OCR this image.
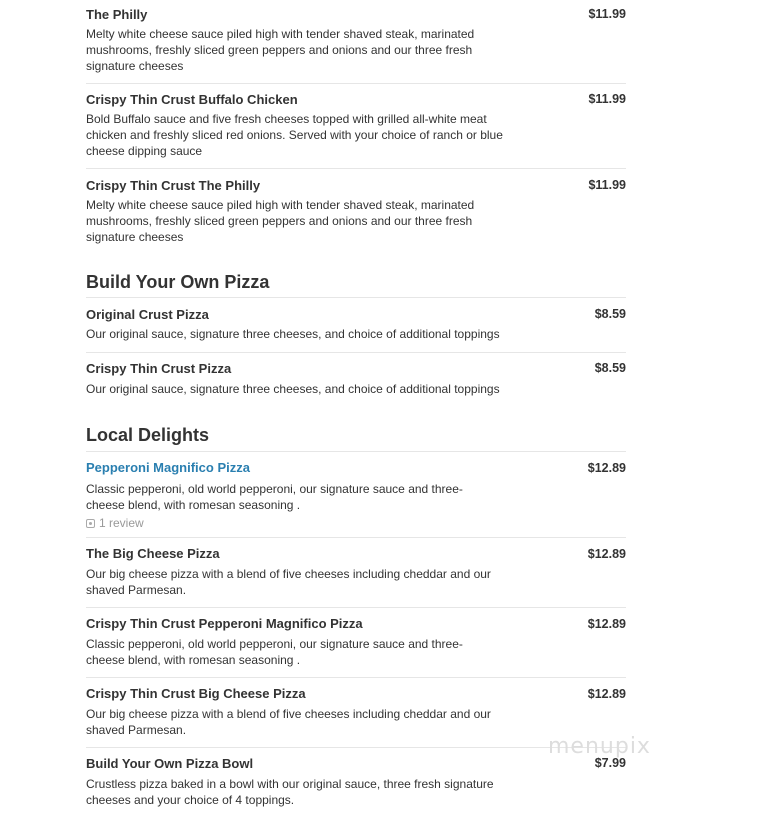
Build Your Own Pizza
Local Delights
The Philly	$11.99
Melty white cheese sauce piled high with tender shaved steak, marinated mushrooms, freshly sliced green peppers and onions and our three fresh signature cheeses
Crispy Thin Crust Buffalo Chicken	$11.99
Bold Buffalo sauce and five fresh cheeses topped with grilled all-white meat chicken and freshly sliced red onions. Served with your choice of ranch or blue cheese dipping sauce
Crispy Thin Crust The Philly	$11.99
Melty white cheese sauce piled high with tender shaved steak, marinated mushrooms, freshly sliced green peppers and onions and our three fresh signature cheeses
Original Crust Pizza	$8.59
Our original sauce, signature three cheeses, and choice of additional toppings
Crispy Thin Crust Pizza	$8.59
Our original sauce, signature three cheeses, and choice of additional toppings
Pepperoni Magnifico Pizza	$12.89
Classic pepperoni, old world pepperoni, our signature sauce and three-cheese blend, with romesan seasoning .
1 review
The Big Cheese Pizza	$12.89
Our big cheese pizza with a blend of five cheeses including cheddar and our shaved Parmesan.
Crispy Thin Crust Pepperoni Magnifico Pizza	$12.89
Classic pepperoni, old world pepperoni, our signature sauce and three-cheese blend, with romesan seasoning .
Crispy Thin Crust Big Cheese Pizza	$12.89
Our big cheese pizza with a blend of five cheeses including cheddar and our shaved Parmesan.
Build Your Own Pizza Bowl	$7.99
Crustless pizza baked in a bowl with our original sauce, three fresh signature cheeses and your choice of 4 toppings.
menupix
